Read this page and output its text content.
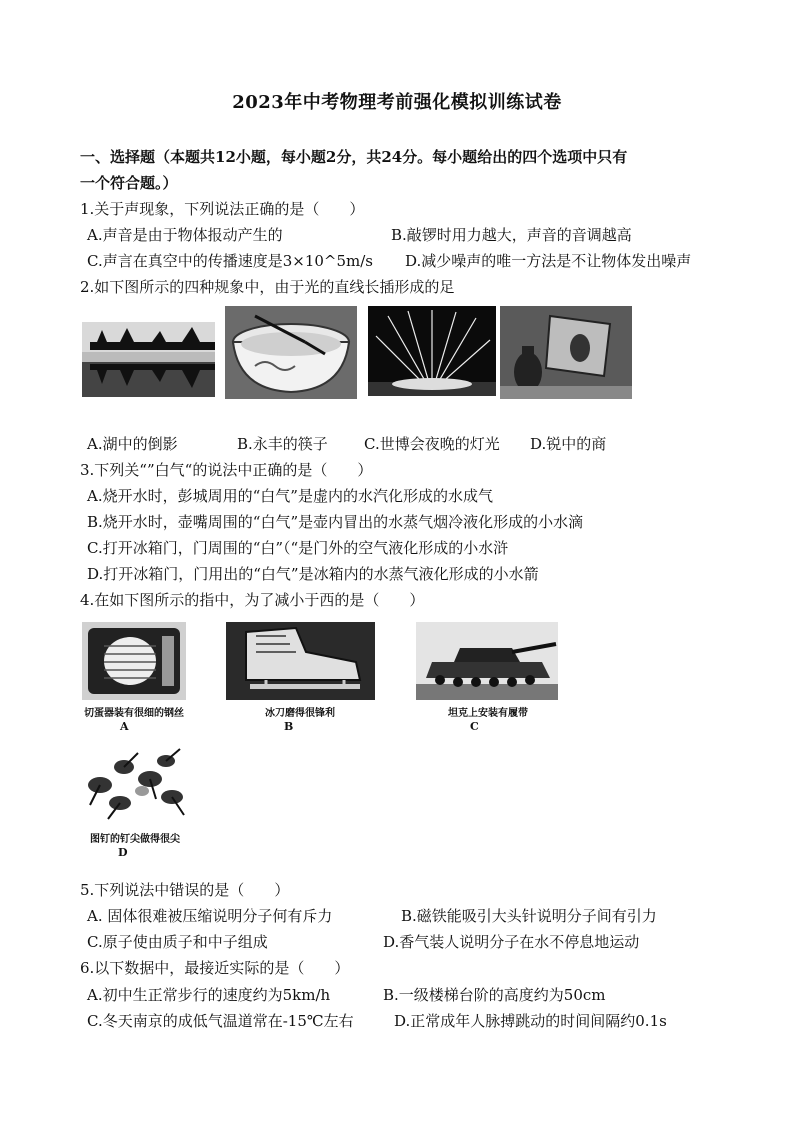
2023年中考物理考前强化模拟训练试卷
一、选择题（本题共12小题，每小题2分，共24分。每小题给出的四个选项中只有
一个符合题。）
1.关于声现象，下列说法正确的是（　　）
A.声音是由于物体报动产生的	B.敲锣时用力越大，声音的音调越高
C.声言在真空中的传播速度是3×10^5m/s D.减少噪声的唯一方法是不让物体发出噪声
2.如下图所示的四种规象中，由于光的直线长插形成的足
A.湖中的倒影	B.永丰的筷子 C.世博会夜晚的灯光 D.锐中的商
3.下列关“”白气“的说法中正确的是（　　）
A.烧开水时，彭城周用的“白气”是虚内的水汽化形成的水成气
B.烧开水时，壶嘴周围的“白气”是壶内冒出的水蒸气烟冷液化形成的小水滴
C.打开冰箱门，门周围的“白”（“是门外的空气液化形成的小水浒
D.打开冰箱门，门用出的“白气”是冰箱内的水蒸气液化形成的小水箭
4.在如下图所示的指中，为了减小于西的是（　　）
切蛋器装有很细的钢丝
A
冰刀磨得很锋利
B
坦克上安装有履带
C
图钉的钉尖做得很尖
D
5.下列说法中错误的是（　　）
A. 固体很难被压缩说明分子何有斥力	B.磁铁能吸引大头针说明分子间有引力
C.原子使由质子和中子组成	D.香气装人说明分子在水不停息地运动
6.以下数据中，最接近实际的是（　　）
A.初中生正常步行的速度约为5km/h	B.一级楼梯台阶的高度约为50cm
C.冬天南京的成低气温道常在-15℃左右	D.正常成年人脉搏跳动的时间间隔约0.1s
